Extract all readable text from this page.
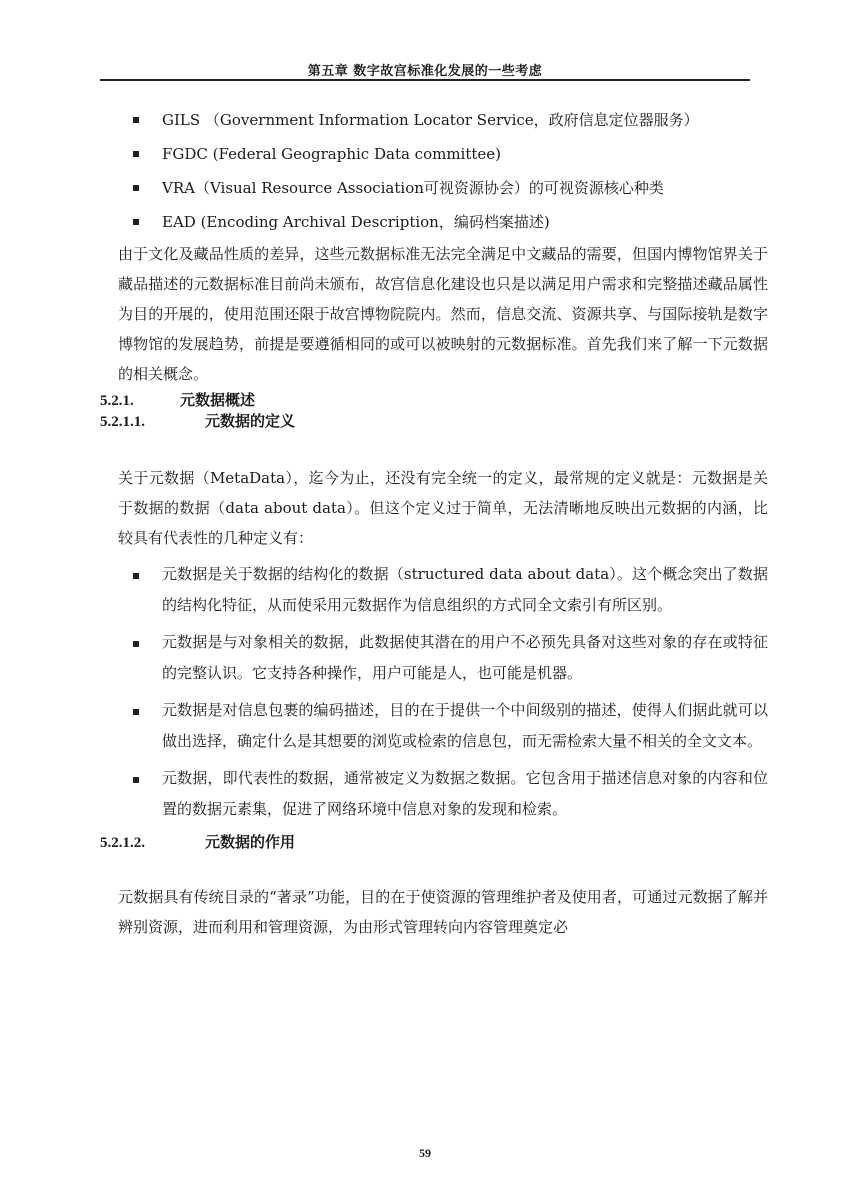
第五章 数字故宫标准化发展的一些考虑
GILS （Government Information Locator Service，政府信息定位器服务）
FGDC (Federal Geographic Data committee)
VRA（Visual Resource Association可视资源协会）的可视资源核心种类
EAD (Encoding Archival Description，编码档案描述)

由于文化及藏品性质的差异，这些元数据标准无法完全满足中文藏品的需要，但国内博物馆界关于藏品描述的元数据标准目前尚未颁布，故宫信息化建设也只是以满足用户需求和完整描述藏品属性为目的开展的，使用范围还限于故宫博物院院内。然而，信息交流、资源共享、与国际接轨是数字博物馆的发展趋势，前提是要遵循相同的或可以被映射的元数据标准。首先我们来了解一下元数据的相关概念。

5.2.1.	元数据概述
5.2.1.1.	元数据的定义

关于元数据（MetaData），迄今为止，还没有完全统一的定义，最常规的定义就是：元数据是关于数据的数据（data about data）。但这个定义过于简单，无法清晰地反映出元数据的内涵，比较具有代表性的几种定义有：

元数据是关于数据的结构化的数据（structured data about data）。这个概念突出了数据的结构化特征，从而使采用元数据作为信息组织的方式同全文索引有所区别。
元数据是与对象相关的数据，此数据使其潜在的用户不必预先具备对这些对象的存在或特征的完整认识。它支持各种操作，用户可能是人，也可能是机器。
元数据是对信息包裹的编码描述，目的在于提供一个中间级别的描述，使得人们据此就可以做出选择，确定什么是其想要的浏览或检索的信息包，而无需检索大量不相关的全文文本。
元数据，即代表性的数据，通常被定义为数据之数据。它包含用于描述信息对象的内容和位置的数据元素集，促进了网络环境中信息对象的发现和检索。
5.2.1.2.	元数据的作用

元数据具有传统目录的“著录”功能，目的在于使资源的管理维护者及使用者，可通过元数据了解并辨别资源，进而利用和管理资源，为由形式管理转向内容管理奠定必

59
